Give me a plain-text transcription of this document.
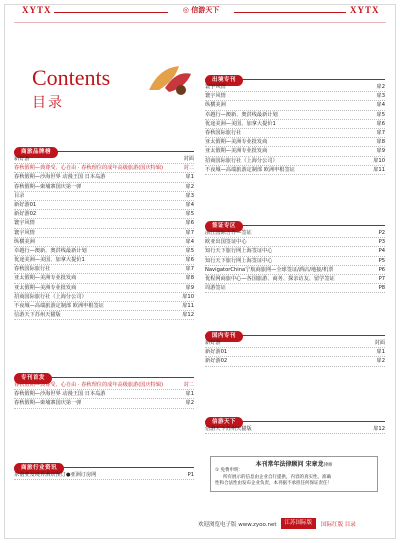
XYTX	◎ 信游天下	XYTX
Contents
目录
商旅品牌榜
新好游	封面
春秋假期—典尊受、心自由 · 春秋理位的成年高级旅游(国庆特辑)	封二
春秋假期—沙海世界 动漫王国 日本岛游	扉1
春秋假期—柬埔寨国庆第一弹	扉2
目录	扉3
新好游01	扉4
新好游02	扉5
寰宇风情	扉6
寰宇风情	扉7
纵横美洲	扉4
卓越行—澳新、奥洪线最新计划	扉5
优途美洲—美国、加拿大提价1	扉6
春秋国际旅行社	扉7
亚太假期—美洲专业批发商	扉8
亚太假期—美洲专业批发商	扉9
招商国际旅行社（上海分公司）	扉10
不夜城—高端旅游定制部 欧洲申根签证	扉11
信游天下苏州天猫版	扉12
专刊首发
春秋假期—典尊受、心自由 · 春秋理位的成年高级旅游(国庆特辑)	封二
春秋假期—沙海世界 动漫王国 日本岛游	扉1
春秋假期—柬埔寨国庆第一弹	扉2
商旅行业资讯
东南亚及境外酒店预订●亚洲订房网	P1
出境专刊
寰宇风情	扉2
寰宇风情	扉3
纵横美洲	扉4
卓越行—澳新、奥洪线最新计划	扉5
优途美洲—美国、加拿大提价1	扉6
春秋国际旅行社	扉7
亚太假期—美洲专业批发商	扉8
亚太假期—美洲专业批发商	扉9
招商国际旅行社（上海分公司）	扉10
不夜城—高端旅游定制部 欧洲申根签证	扉11
签证专区
浙江国际合作—签证	P2
欧亚出国签证中心	P3
知行天下旅行网上海签证中心	P4
知行天下旅行网上海签证中心	P5
NavigatorChina宁航商旅网—全球签证/酒店/地接/机票	P6
优程网商旅中心—各国旅游、商务、探亲访友、留学签证	P7
周游签证	P8
国内专刊
新好游	封面
新好游01	扉1
新好游02	扉2
信游天下
信游天下苏州天猫版	扉12
本刊常年法律顾问 宋章龙律师
① 免费申明：
所有展示的信息由企业自行提供，内容的真实性、准确
性和合法性由发布企业负责，本刊据不承担任何保证责任！
欢迎浏览电子版 www.zyoo.net	江苏国际版	国际红版 目录
